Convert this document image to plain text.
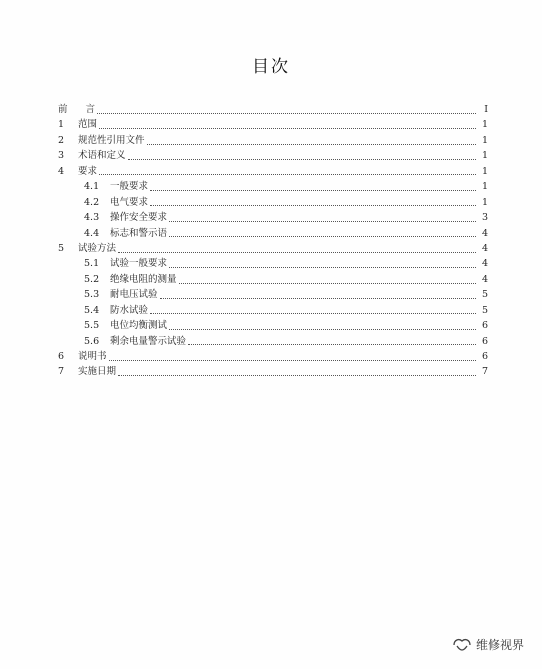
目次
前 言	I
1	范围	1
2	规范性引用文件	1
3	术语和定义	1
4	要求	1
4.1	一般要求	1
4.2	电气要求	1
4.3	操作安全要求	3
4.4	标志和警示语	4
5	试验方法	4
5.1	试验一般要求	4
5.2	绝缘电阻的测量	4
5.3	耐电压试验	5
5.4	防水试验	5
5.5	电位均衡测试	6
5.6	剩余电量警示试验	6
6	说明书	6
7	实施日期	7
维修视界
